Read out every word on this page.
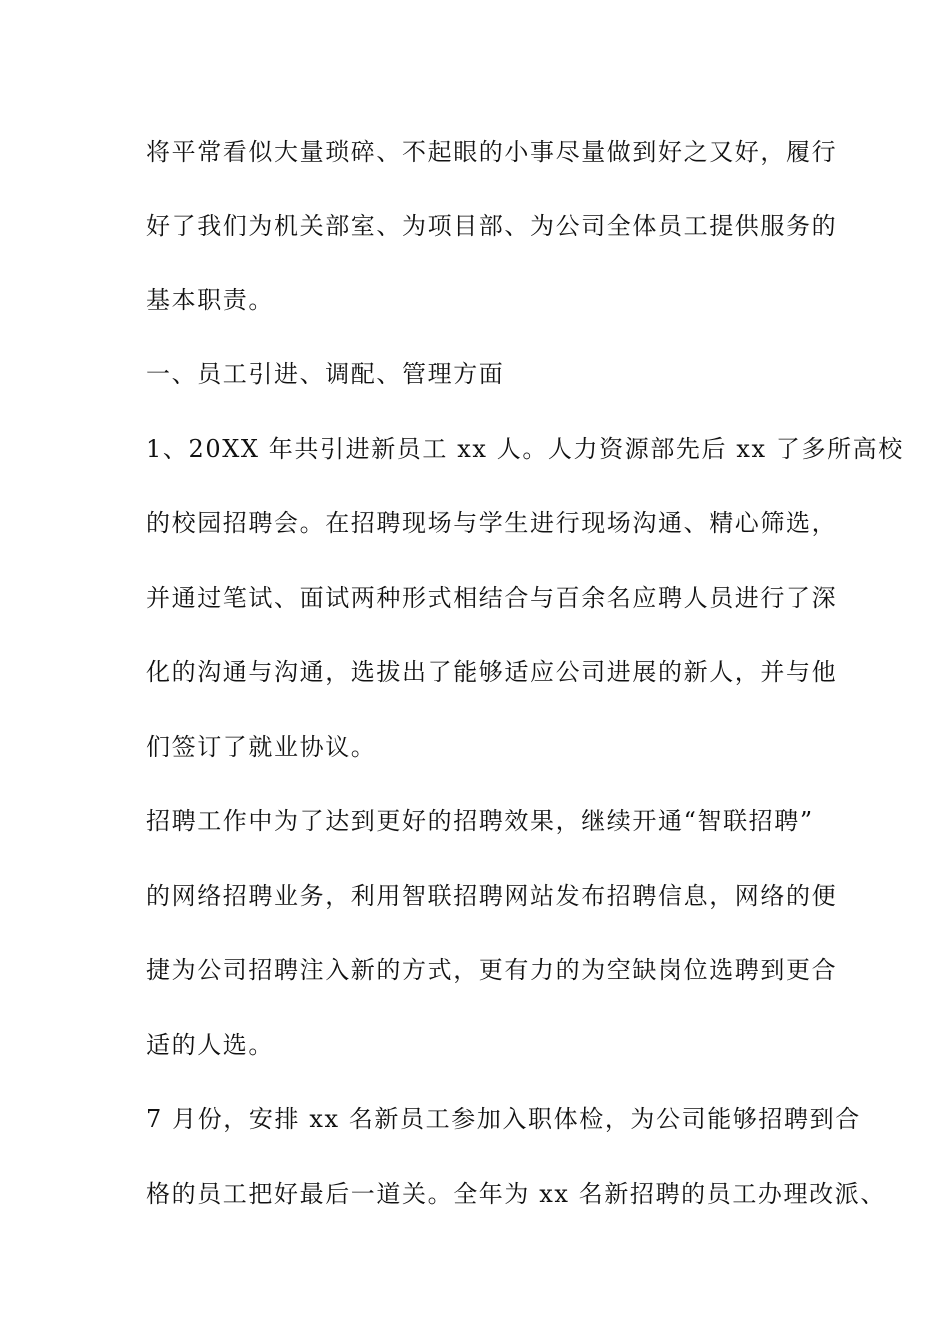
将平常看似大量琐碎、不起眼的小事尽量做到好之又好，履行
好了我们为机关部室、为项目部、为公司全体员工提供服务的
基本职责。
一、员工引进、调配、管理方面
1、20XX 年共引进新员工 xx 人。人力资源部先后 xx 了多所高校
的校园招聘会。在招聘现场与学生进行现场沟通、精心筛选，
并通过笔试、面试两种形式相结合与百余名应聘人员进行了深
化的沟通与沟通，选拔出了能够适应公司进展的新人，并与他
们签订了就业协议。
招聘工作中为了达到更好的招聘效果，继续开通“智联招聘”
的网络招聘业务，利用智联招聘网站发布招聘信息，网络的便
捷为公司招聘注入新的方式，更有力的为空缺岗位选聘到更合
适的人选。
7 月份，安排 xx 名新员工参加入职体检，为公司能够招聘到合
格的员工把好最后一道关。全年为 xx 名新招聘的员工办理改派、
